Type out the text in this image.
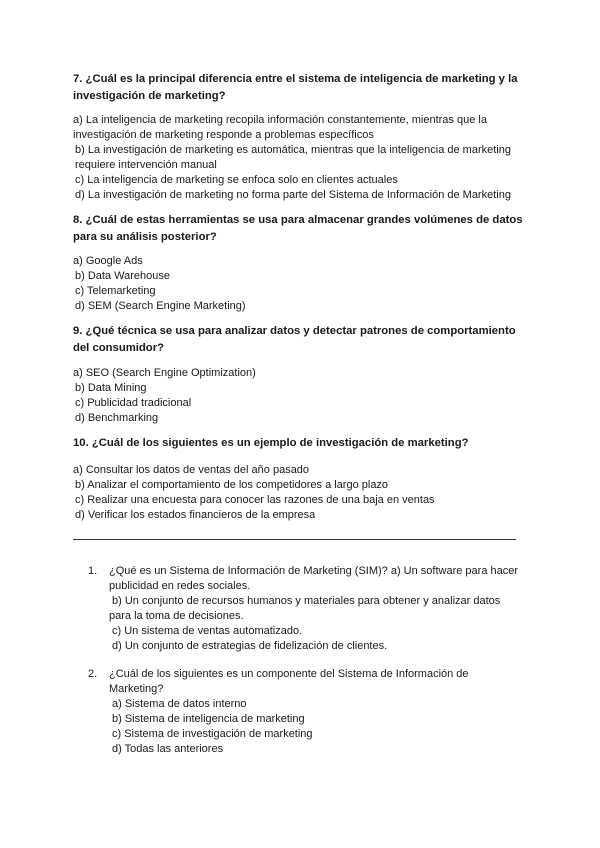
7. ¿Cuál es la principal diferencia entre el sistema de inteligencia de marketing y la investigación de marketing?

a) La inteligencia de marketing recopila información constantemente, mientras que la investigación de marketing responde a problemas específicos
b) La investigación de marketing es automática, mientras que la inteligencia de marketing requiere intervención manual
c) La inteligencia de marketing se enfoca solo en clientes actuales
d) La investigación de marketing no forma parte del Sistema de Información de Marketing

8. ¿Cuál de estas herramientas se usa para almacenar grandes volúmenes de datos para su análisis posterior?

a) Google Ads
b) Data Warehouse
c) Telemarketing
d) SEM (Search Engine Marketing)

9. ¿Qué técnica se usa para analizar datos y detectar patrones de comportamiento del consumidor?

a) SEO (Search Engine Optimization)
b) Data Mining
c) Publicidad tradicional
d) Benchmarking

10. ¿Cuál de los siguientes es un ejemplo de investigación de marketing?

a) Consultar los datos de ventas del año pasado
b) Analizar el comportamiento de los competidores a largo plazo
c) Realizar una encuesta para conocer las razones de una baja en ventas
d) Verificar los estados financieros de la empresa
1. ¿Qué es un Sistema de Información de Marketing (SIM)? a) Un software para hacer
publicidad en redes sociales.
b) Un conjunto de recursos humanos y materiales para obtener y analizar datos
para la toma de decisiones.
c) Un sistema de ventas automatizado.
d) Un conjunto de estrategias de fidelización de clientes.
2. ¿Cuál de los siguientes es un componente del Sistema de Información de
Marketing?
a) Sistema de datos interno
b) Sistema de inteligencia de marketing
c) Sistema de investigación de marketing
d) Todas las anteriores
